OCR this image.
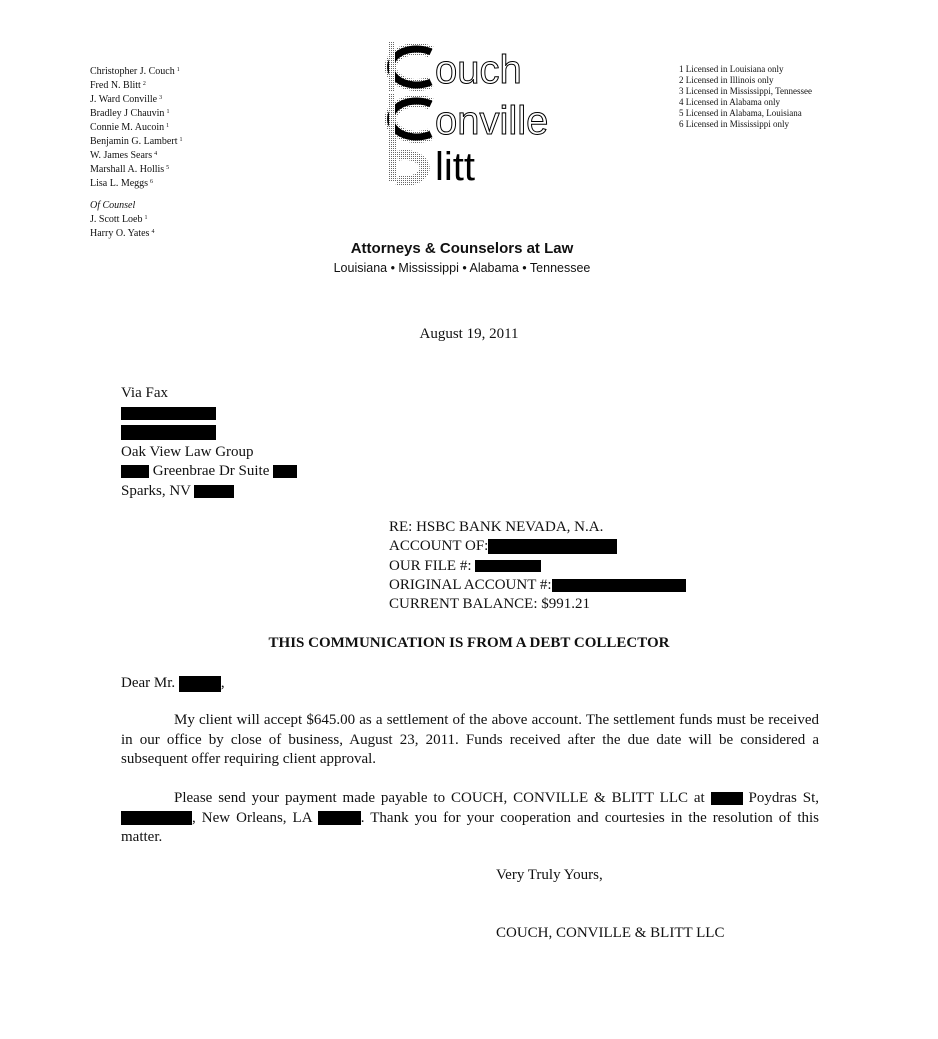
Christopher J. Couch $^1$
Fred N. Blitt $^2$
J. Ward Conville $^3$
Bradley J Chauvin $^1$
Connie M. Aucoin $^1$
Benjamin G. Lambert $^1$
W. James Sears $^4$
Marshall A. Hollis $^5$
Lisa L. Meggs $^6$
Of Counsel
J. Scott Loeb $^1$
Harry O. Yates $^4$
ouch
onville
litt
1 Licensed in Louisiana only
2 Licensed in Illinois only
3 Licensed in Mississippi, Tennessee
4 Licensed in Alabama only
5 Licensed in Alabama, Louisiana
6 Licensed in Mississippi only
Attorneys & Counselors at Law
Louisiana • Mississippi • Alabama • Tennessee
August 19, 2011
Via Fax
Oak View Law Group
Greenbrae Dr Suite
Sparks, NV
RE: HSBC BANK NEVADA, N.A.
ACCOUNT OF:
OUR FILE #:
ORIGINAL ACCOUNT #:
CURRENT BALANCE: $991.21
THIS COMMUNICATION IS FROM A DEBT COLLECTOR
Dear Mr.	,
My client will accept $645.00 as a settlement of the above account. The settlement funds must be received in our office by close of business, August 23, 2011. Funds received after the due date will be considered a subsequent offer requiring client approval.
Please send your payment made payable to COUCH, CONVILLE & BLITT LLC at	Poydras St,, New Orleans, LA	. Thank you for your cooperation and courtesies in the resolution of this matter.
Very Truly Yours,
COUCH, CONVILLE & BLITT LLC
